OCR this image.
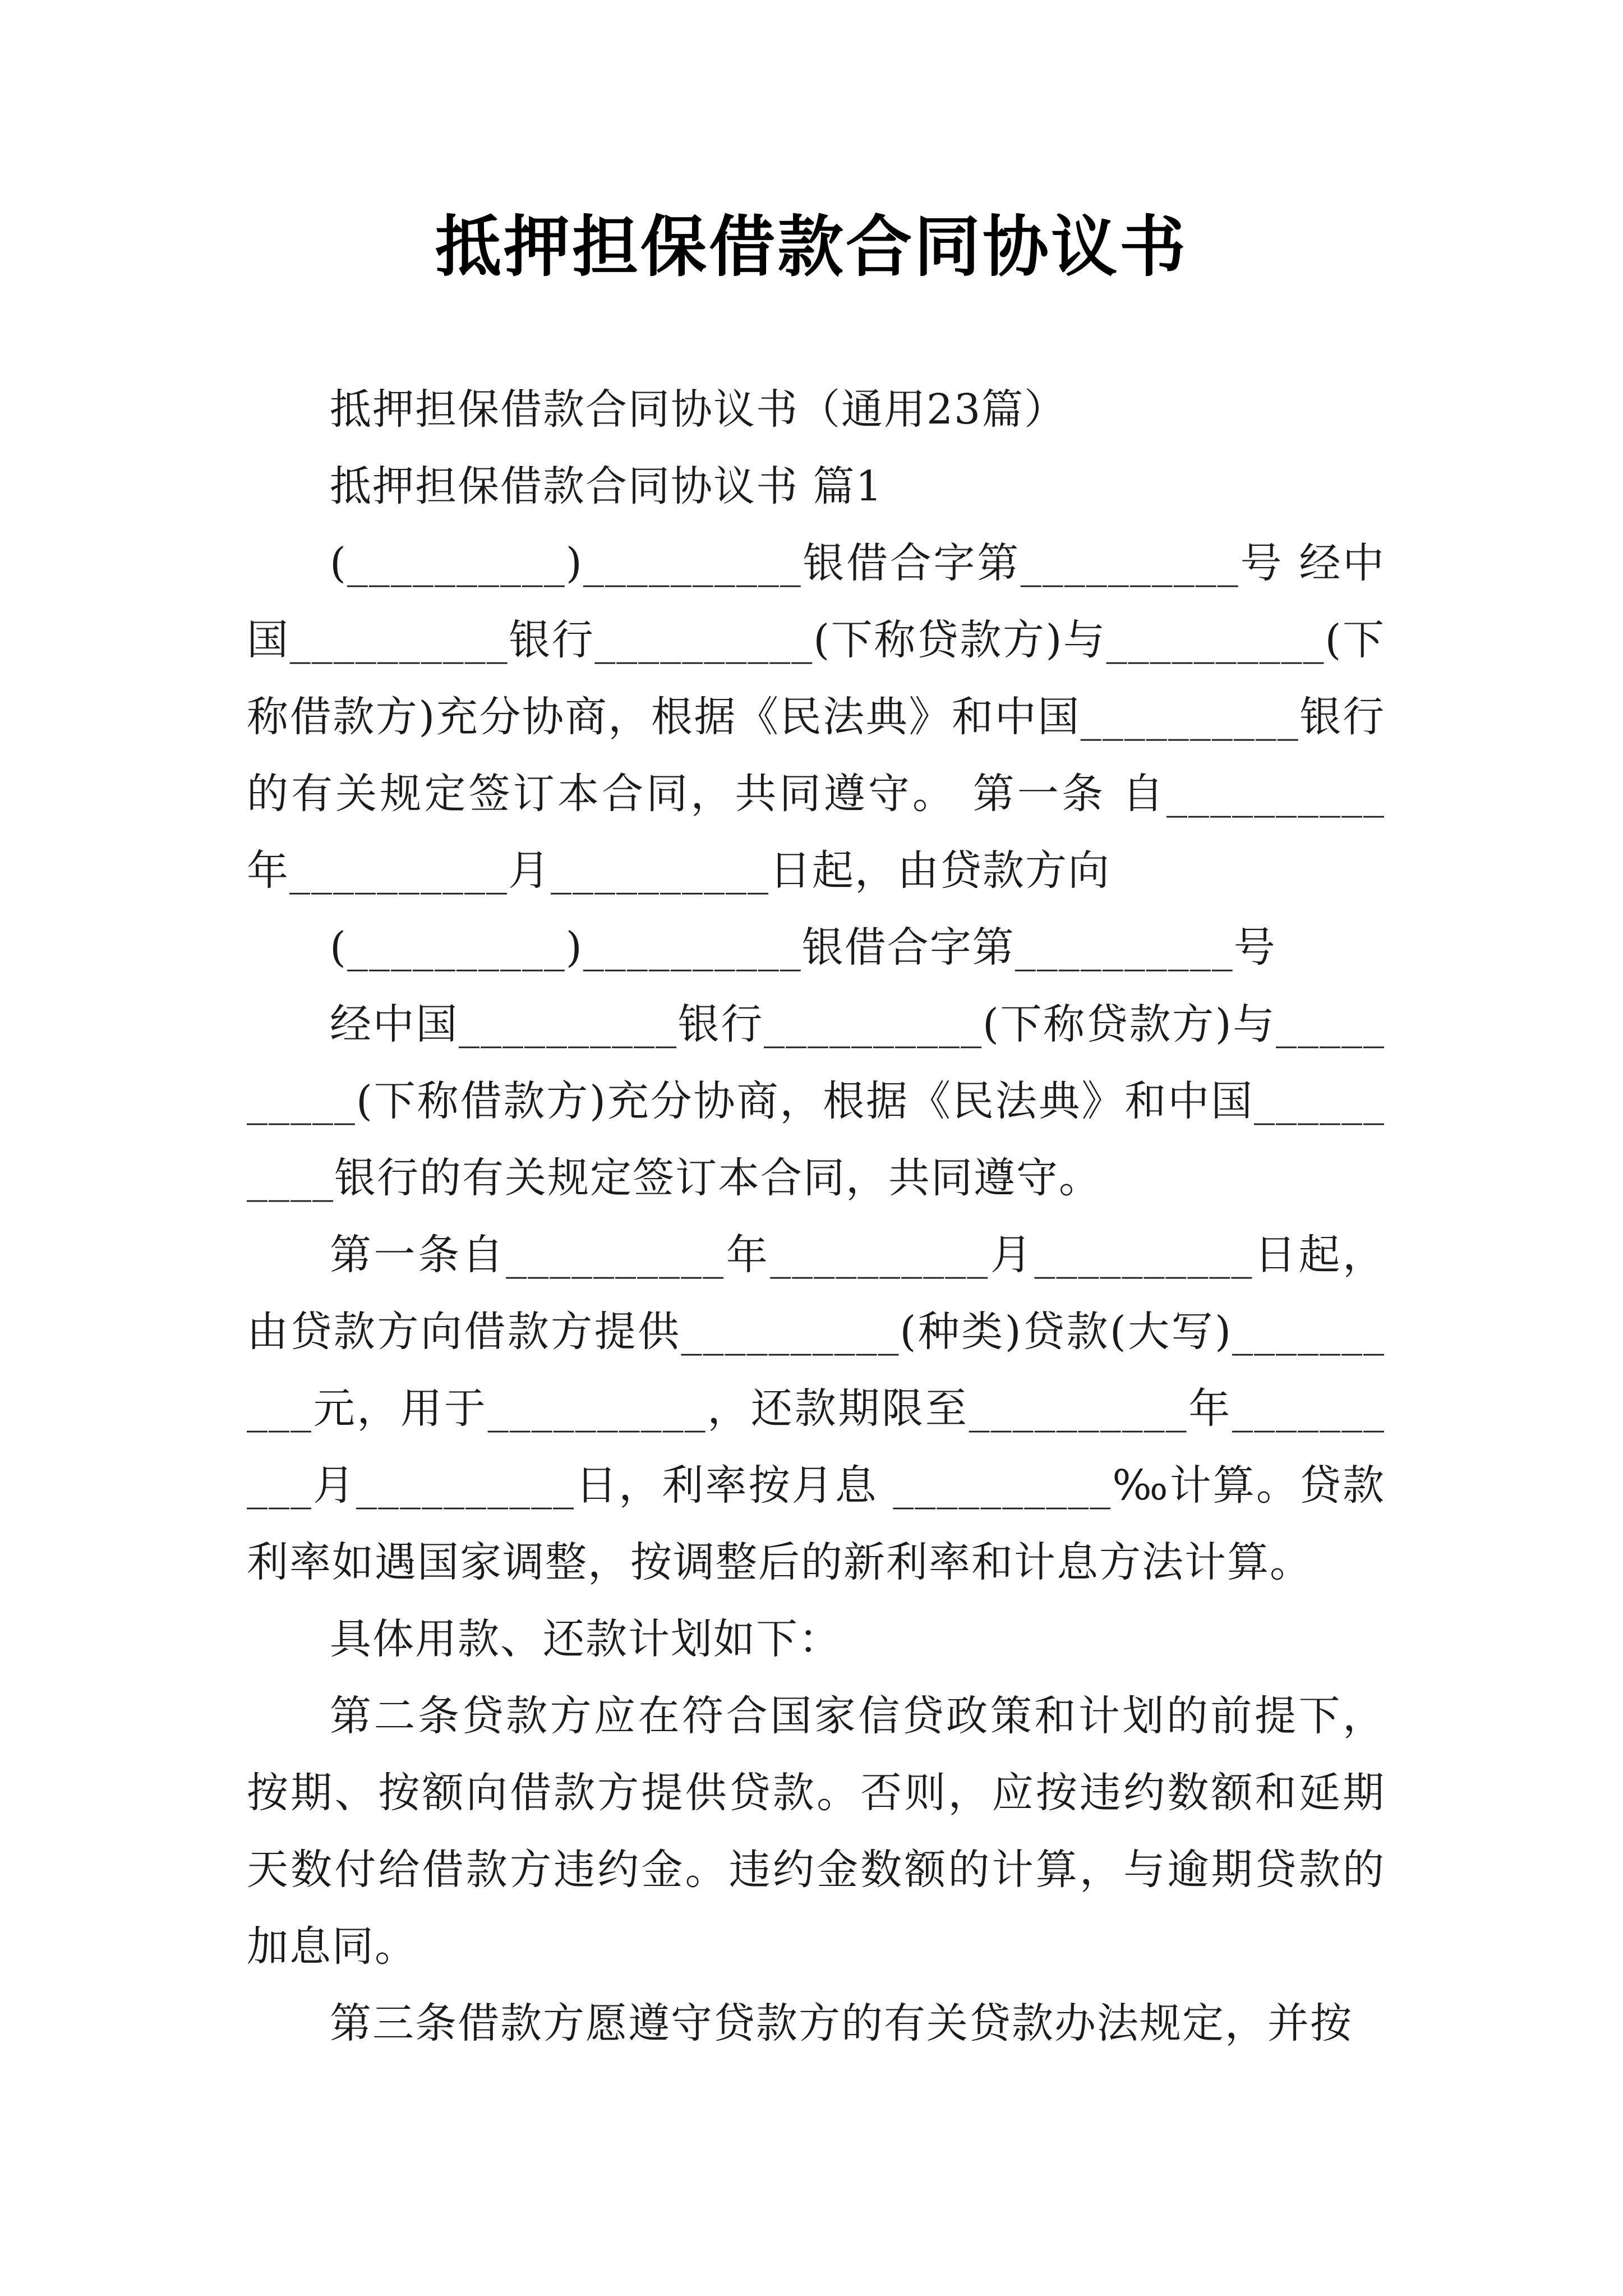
抵押担保借款合同协议书

抵押担保借款合同协议书（通用23篇）

抵押担保借款合同协议书 篇1

(__________)__________银借合字第__________号 经中国__________银行__________(下称贷款方)与__________(下称借款方)充分协商，根据《民法典》和中国__________银行的有关规定签订本合同，共同遵守。 第一条 自__________年__________月__________日起，由贷款方向

(__________)__________银借合字第__________号

经中国__________银行__________(下称贷款方)与__________(下称借款方)充分协商，根据《民法典》和中国__________银行的有关规定签订本合同，共同遵守。

第一条自__________年__________月__________日起，由贷款方向借款方提供__________(种类)贷款(大写)__________元，用于__________，还款期限至__________年__________月__________日，利率按月息 __________‰计算。贷款利率如遇国家调整，按调整后的新利率和计息方法计算。

具体用款、还款计划如下：

第二条贷款方应在符合国家信贷政策和计划的前提下，按期、按额向借款方提供贷款。否则，应按违约数额和延期天数付给借款方违约金。违约金数额的计算，与逾期贷款的加息同。

第三条借款方愿遵守贷款方的有关贷款办法规定，并按
